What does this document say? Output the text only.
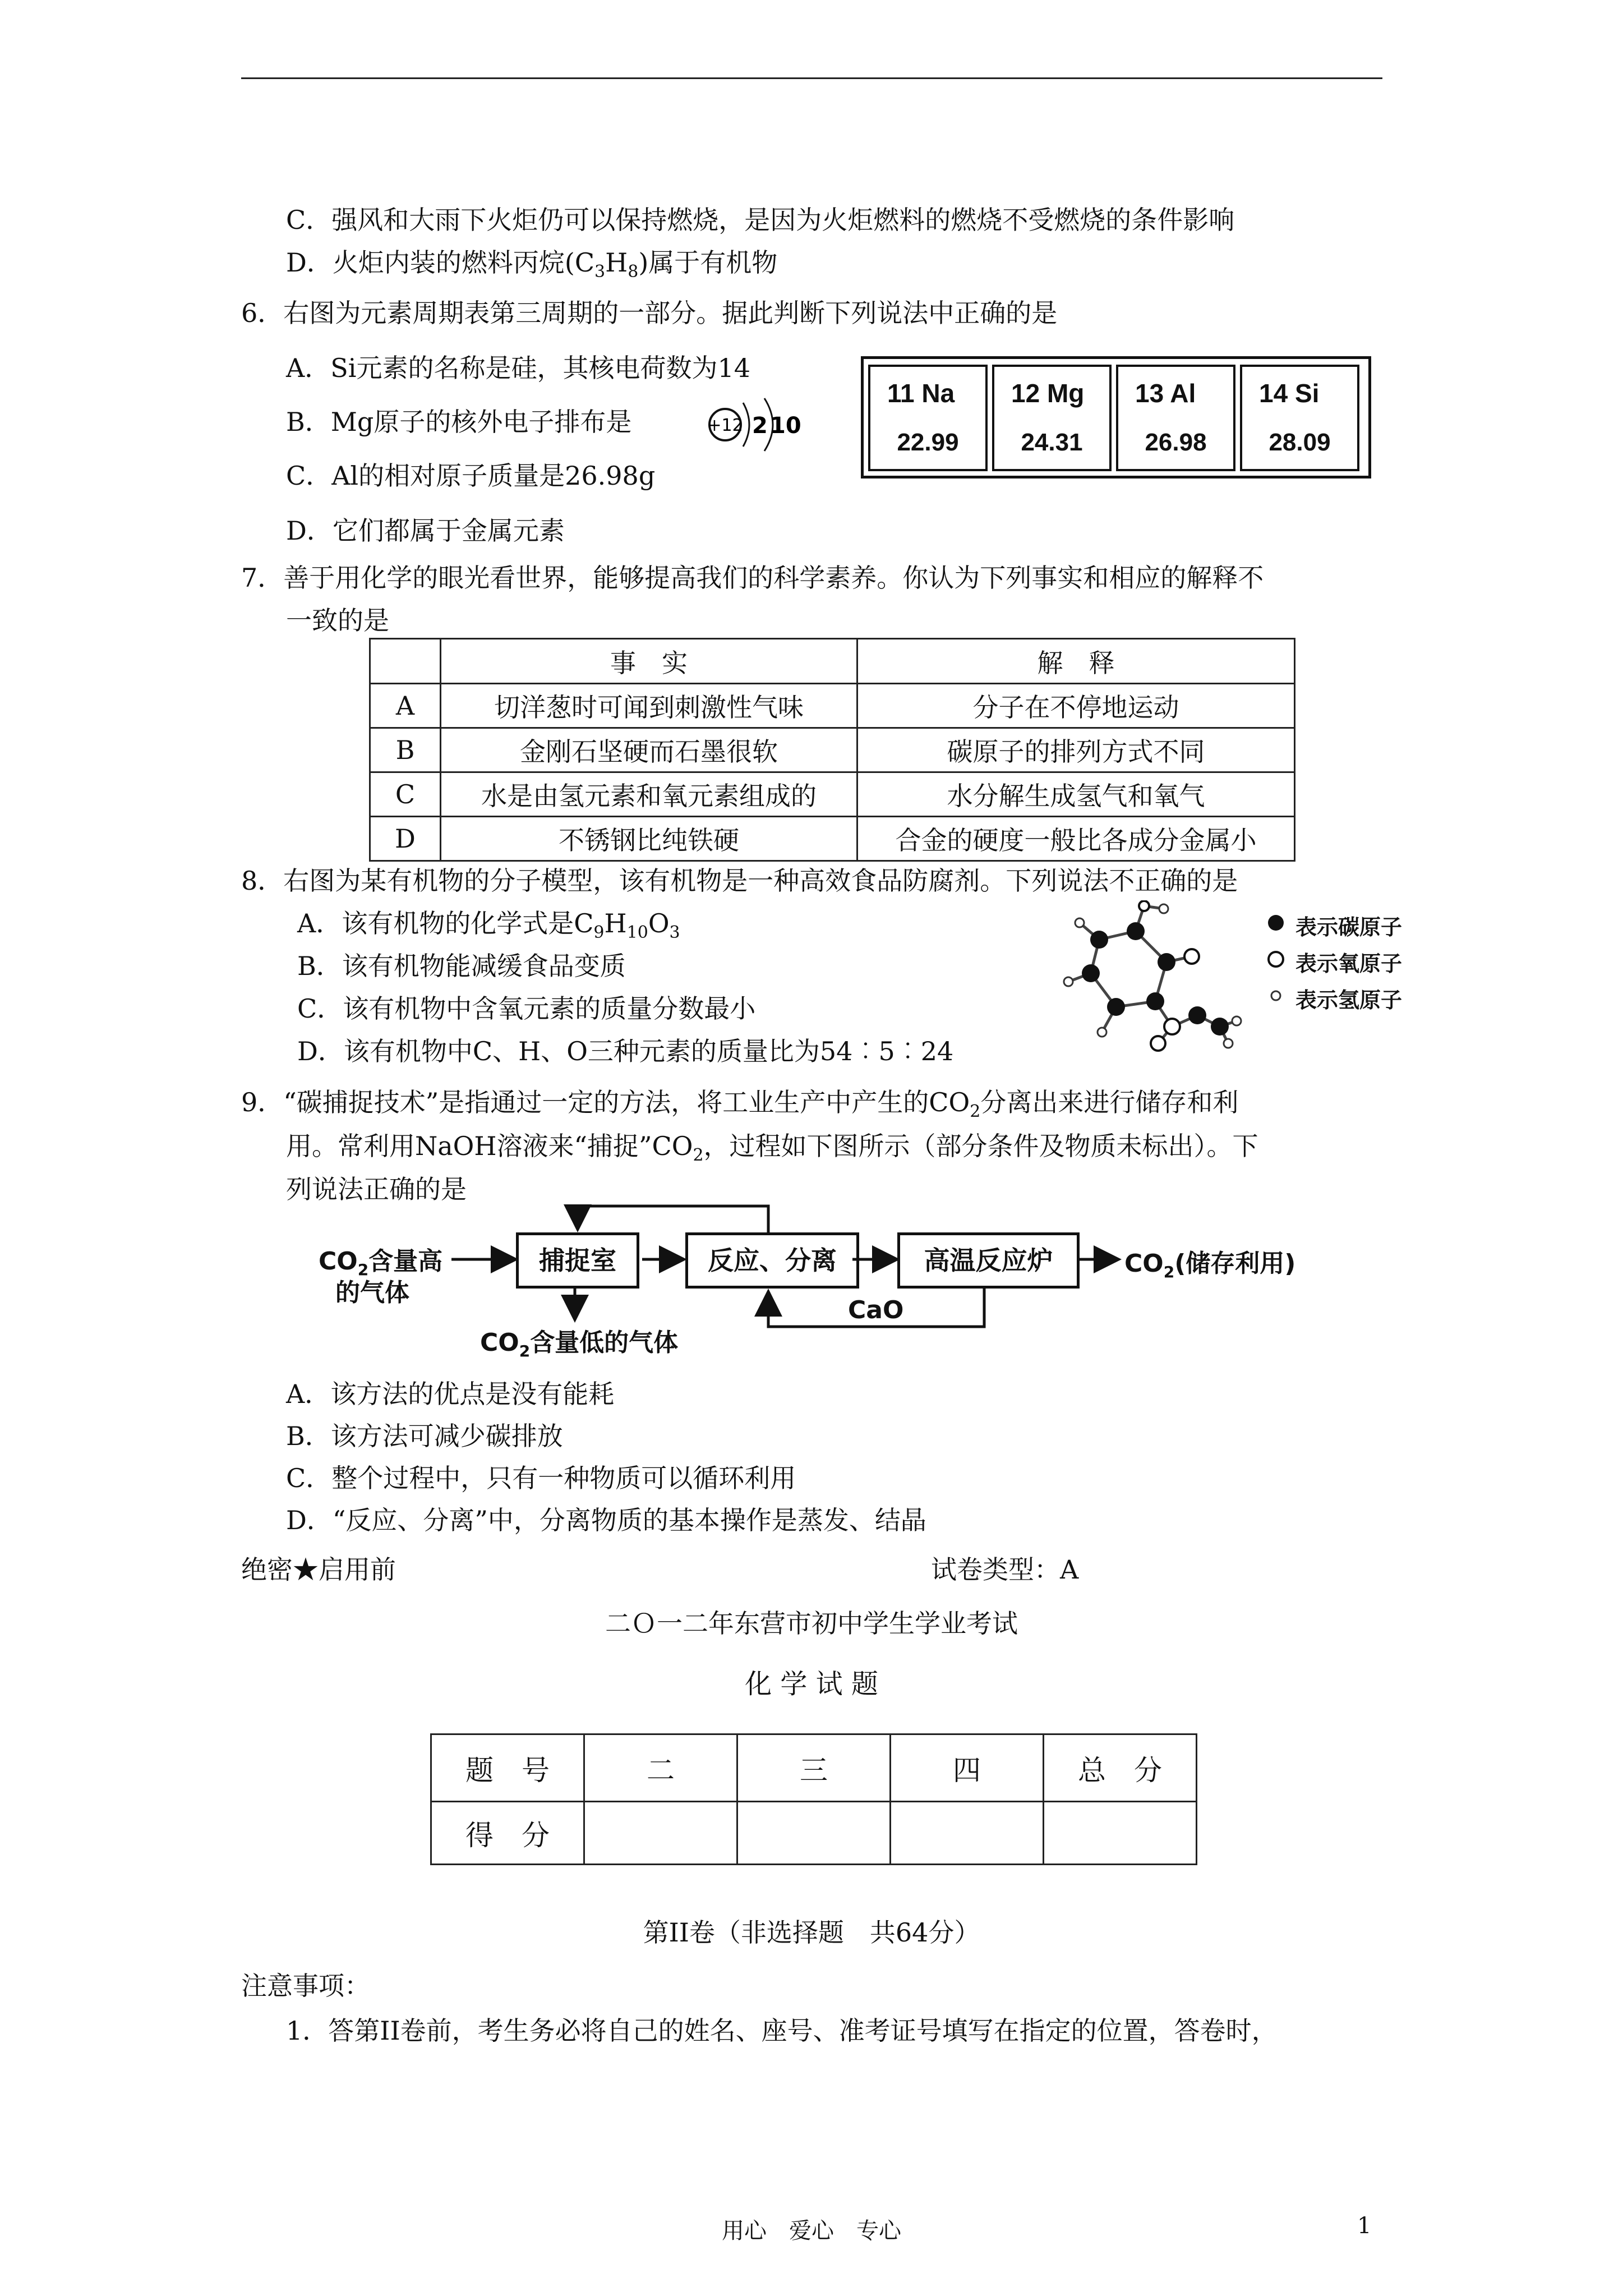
C．强风和大雨下火炬仍可以保持燃烧，是因为火炬燃料的燃烧不受燃烧的条件影响
D．火炬内装的燃料丙烷$(C_3H_8)$属于有机物
6．右图为元素周期表第三周期的一部分。据此判断下列说法中正确的是
A．Si元素的名称是硅，其核电荷数为14
B．Mg原子的核外电子排布是	+12 2 10
C．Al的相对原子质量是26.98g
D．它们都属于金属元素
11 Na
22.99
12 Mg
24.31
13 Al
26.98
14 Si
28.09
7．善于用化学的眼光看世界，能够提高我们的科学素养。你认为下列事实和相应的解释不
一致的是
	事　实	解　释
A	切洋葱时可闻到刺激性气味	分子在不停地运动
B	金刚石坚硬而石墨很软	碳原子的排列方式不同
C	水是由氢元素和氧元素组成的	水分解生成氢气和氧气
D	不锈钢比纯铁硬	合金的硬度一般比各成分金属小
8．右图为某有机物的分子模型，该有机物是一种高效食品防腐剂。下列说法不正确的是
A．该有机物的化学式是$C_9H_{10}O_3$
B．该有机物能减缓食品变质
C．该有机物中含氧元素的质量分数最小
D．该有机物中C、H、O三种元素的质量比为54︰5︰24
表示碳原子
表示氧原子
表示氢原子
9．“碳捕捉技术”是指通过一定的方法，将工业生产中产生的$CO_2$分离出来进行储存和利
用。常利用NaOH溶液来“捕捉$”CO_2$，过程如下图所示（部分条件及物质未标出）。下
列说法正确的是
$CO_2$含量高
的气体
捕捉室	反应、分离	高温反应炉	$CO_2$(储存利用)
$CO_2$含量低的气体
CaO
A．该方法的优点是没有能耗
B．该方法可减少碳排放
C．整个过程中，只有一种物质可以循环利用
D．“反应、分离”中，分离物质的基本操作是蒸发、结晶
绝密★启用前	试卷类型：A
二Ｏ一二年东营市初中学生学业考试
化 学 试 题
题　号	二	三	四	总　分
得　分				
第II卷（非选择题　共64分）
注意事项：
1．答第II卷前，考生务必将自己的姓名、座号、准考证号填写在指定的位置，答卷时，
用心　爱心　专心	1
